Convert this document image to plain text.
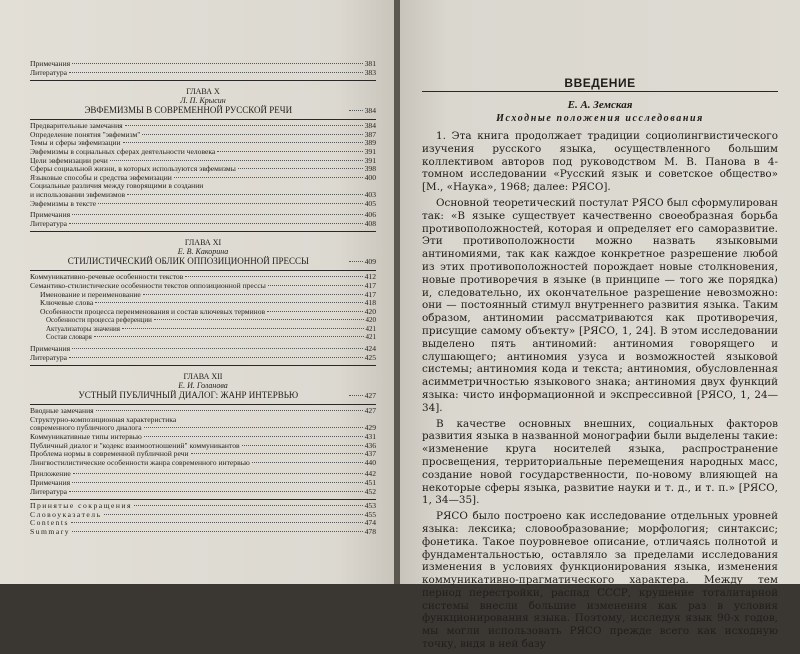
Примечания	381
Литература	383
ГЛАВА Х
Л. П. Крысин
ЭВФЕМИЗМЫ В СОВРЕМЕННОЙ РУССКОЙ РЕЧИ	384
Предварительные замечания	384
Определение понятия "эвфемизм"	387
Темы и сферы эвфемизации	389
Эвфемизмы в социальных сферах деятельности человека	391
Цели эвфемизации речи	391
Сферы социальной жизни, в которых используются эвфемизмы	398
Языковые способы и средства эвфемизации	400
Социальные различия между говорящими в создании
и использовании эвфемизмов	403
Эвфемизмы в тексте	405
Примечания	406
Литература	408
ГЛАВА XI
Е. В. Какорина
СТИЛИСТИЧЕСКИЙ ОБЛИК ОППОЗИЦИОННОЙ ПРЕССЫ	409
Коммуникативно-речевые особенности текстов	412
Семантико-стилистические особенности текстов оппозиционной прессы	417
Именование и переименование	417
Ключевые слова	418
Особенности процесса переименования и состав ключевых терминов	420
Особенности процесса референции	420
Актуализаторы значения	421
Состав словаря	421
Примечания	424
Литература	425
ГЛАВА XII
Е. И. Голанова
УСТНЫЙ ПУБЛИЧНЫЙ ДИАЛОГ: ЖАНР ИНТЕРВЬЮ	427
Вводные замечания	427
Структурно-композиционная характеристика
современного публичного диалога	429
Коммуникативные типы интервью	431
Публичный диалог и "кодекс взаимоотношений" коммуникантов	436
Проблема нормы в современной публичной речи	437
Лингвостилистические особенности жанра современного интервью	440
Приложение	442
Примечания	451
Литература	452
Принятые сокращения	453
Словоуказатель	455
Contents	474
Summary	478
ВВЕДЕНИЕ
Е. А. Земская
Исходные положения исследования

1. Эта книга продолжает традиции социолингвистического изучения русского языка, осуществленного большим коллективом авторов под руководством М. В. Панова в 4-томном исследовании «Русский язык и советское общество» [М., «Наука», 1968; далее: РЯСО].

Основной теоретический постулат РЯСО был сформулирован так: «В языке существует качественно своеобразная борьба противоположностей, которая и определяет его саморазвитие. Эти противоположности можно назвать языковыми антиномиями, так как каждое конкретное разрешение любой из этих противоположностей порождает новые столкновения, новые противоречия в языке (в принципе — того же порядка) и, следовательно, их окончательное разрешение невозможно: они — постоянный стимул внутреннего развития языка. Таким образом, антиномии рассматриваются как противоречия, присущие самому объекту» [РЯСО, 1, 24]. В этом исследовании выделено пять антиномий: антиномия говорящего и слушающего; антиномия узуса и возможностей языковой системы; антиномия кода и текста; антиномия, обусловленная асимметричностью языкового знака; антиномия двух функций языка: чисто информационной и экспрессивной [РЯСО, 1, 24—34].

В качестве основных внешних, социальных факторов развития языка в названной монографии были выделены такие: «изменение круга носителей языка, распространение просвещения, территориальные перемещения народных масс, создание новой государственности, по-новому влияющей на некоторые сферы языка, развитие науки и т. д., и т. п.» [РЯСО, 1, 34—35].

РЯСО было построено как исследование отдельных уровней языка: лексика; словообразование; морфология; синтаксис; фонетика. Такое поуровневое описание, отличаясь полнотой и фундаментальностью, оставляло за пределами исследования изменения в условиях функционирования языка, изменения коммуникативно-прагматического характера. Между тем период перестройки, распад СССР, крушение тоталитарной системы внесли большие изменения как раз в условия функционирования языка. Поэтому, исследуя язык 90-х годов, мы могли использовать РЯСО прежде всего как исходную точку, видя в ней базу
